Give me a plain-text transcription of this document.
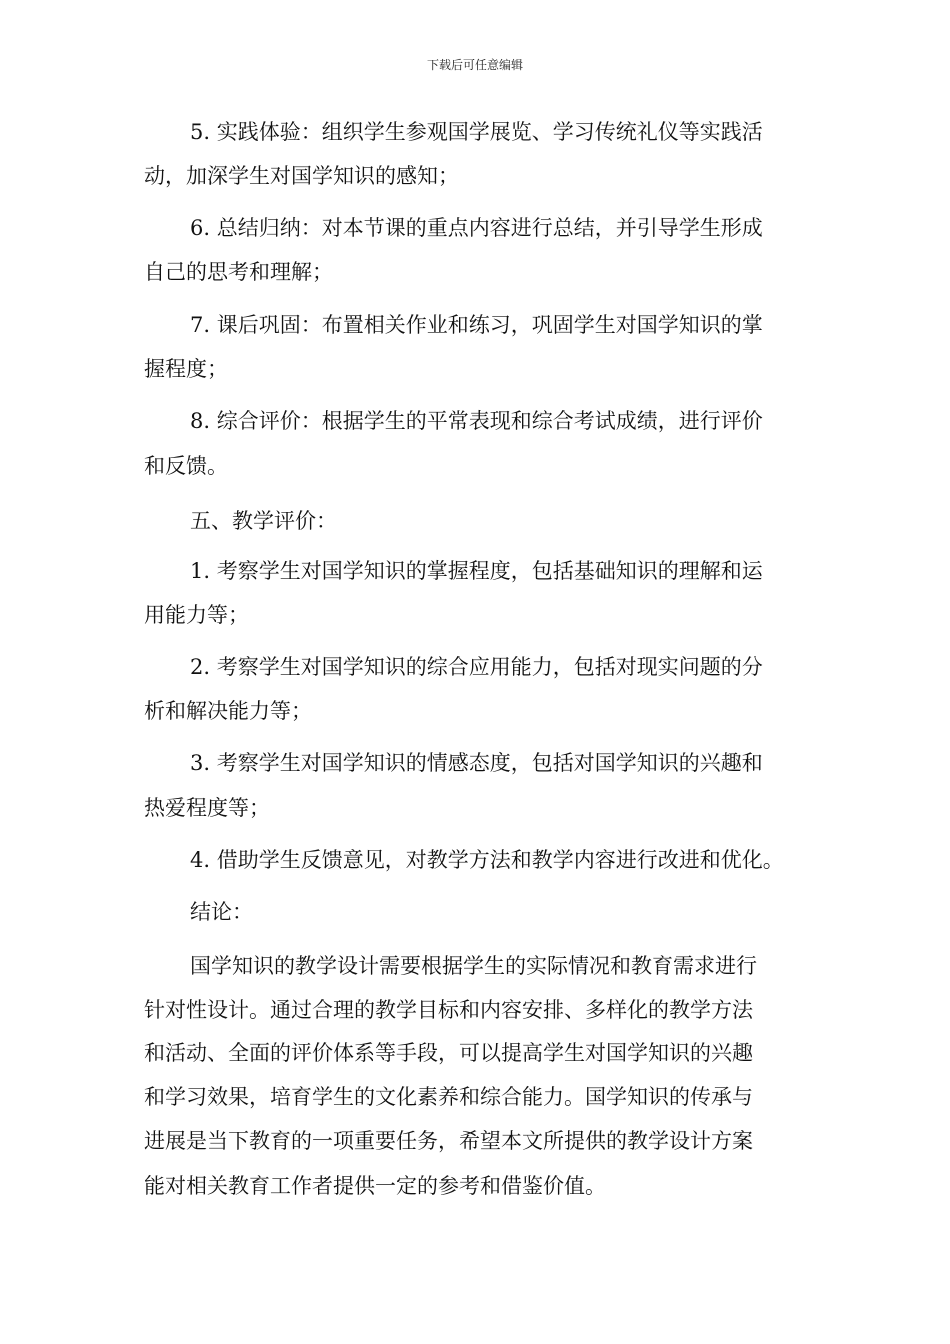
下载后可任意编辑
5. 实践体验：组织学生参观国学展览、学习传统礼仪等实践活
动，加深学生对国学知识的感知；
6. 总结归纳：对本节课的重点内容进行总结，并引导学生形成
自己的思考和理解；
7. 课后巩固：布置相关作业和练习，巩固学生对国学知识的掌
握程度；
8. 综合评价：根据学生的平常表现和综合考试成绩，进行评价
和反馈。
五、教学评价：
1. 考察学生对国学知识的掌握程度，包括基础知识的理解和运
用能力等；
2. 考察学生对国学知识的综合应用能力，包括对现实问题的分
析和解决能力等；
3. 考察学生对国学知识的情感态度，包括对国学知识的兴趣和
热爱程度等；
4. 借助学生反馈意见，对教学方法和教学内容进行改进和优化。
结论：
国学知识的教学设计需要根据学生的实际情况和教育需求进行
针对性设计。通过合理的教学目标和内容安排、多样化的教学方法
和活动、全面的评价体系等手段，可以提高学生对国学知识的兴趣
和学习效果，培育学生的文化素养和综合能力。国学知识的传承与
进展是当下教育的一项重要任务，希望本文所提供的教学设计方案
能对相关教育工作者提供一定的参考和借鉴价值。
